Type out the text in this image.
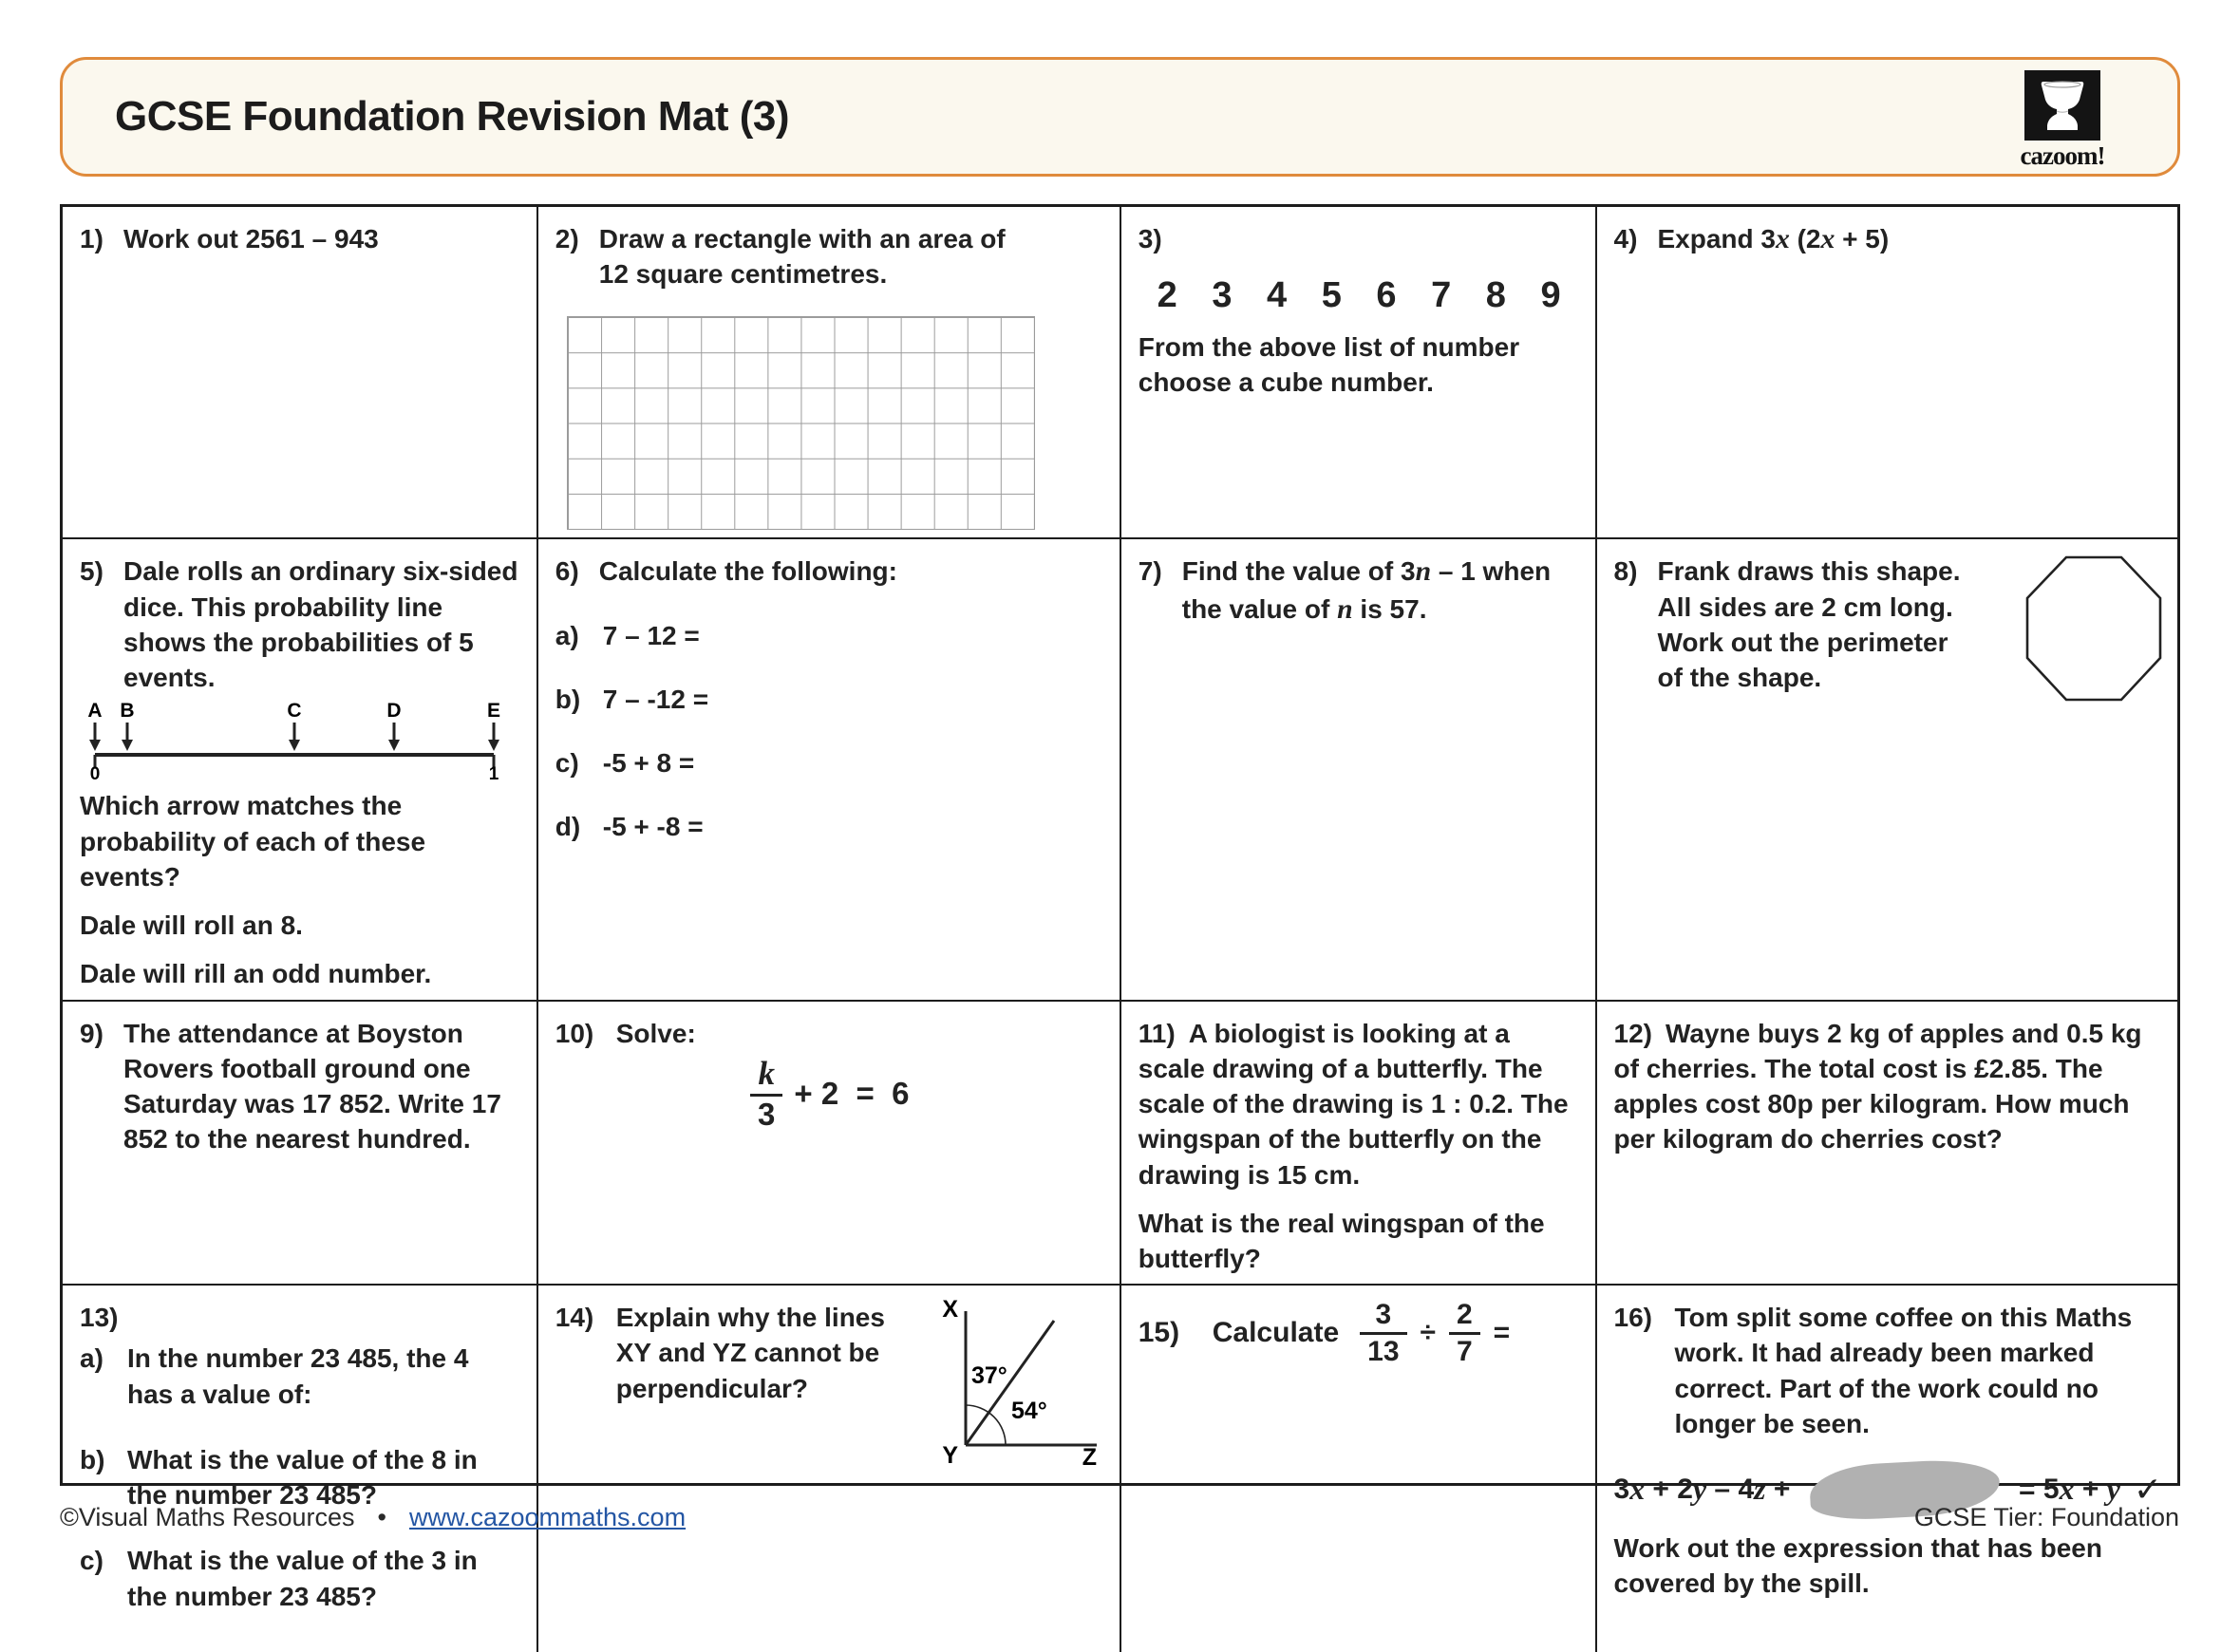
GCSE Foundation Revision Mat (3)
cazoom!
1) Work out 2561 – 943	2) Draw a rectangle with an area of 12 square centimetres.
3)
2 3 4 5 6 7 8 9
From the above list of number choose a cube number.
4) Expand 3x (2x + 5)
5) Dale rolls an ordinary six-sided dice. This probability line shows the probabilities of 5 events.
A B	C	D	E
0	1
Which arrow matches the probability of each of these events?
Dale will roll an 8.
Dale will rill an odd number.
6) Calculate the following:
a) 7 – 12 =
b) 7 – -12 =
c) -5 + 8 =
d) -5 + -8 =
7) Find the value of 3n – 1 when the value of n is 57.
8) Frank draws this shape. All sides are 2 cm long. Work out the perimeter of the shape.
9) The attendance at Boyston Rovers football ground one Saturday was 17 852. Write 17 852 to the nearest hundred.
10) Solve:
$\frac{k}{3} + 2 = 6$
11) A biologist is looking at a scale drawing of a butterfly. The scale of the drawing is 1 : 0.2. The wingspan of the butterfly on the drawing is 15 cm.
What is the real wingspan of the butterfly?
12) Wayne buys 2 kg of apples and 0.5 kg of cherries. The total cost is £2.85. The apples cost 80p per kilogram. How much per kilogram do cherries cost?
13)
a) In the number 23 485, the 4 has a value of:
b) What is the value of the 8 in the number 23 485?
c) What is the value of the 3 in the number 23 485?
14) Explain why the lines XY and YZ cannot be perpendicular?
X
Y	Z
37°
54°
15)	Calculate $\frac{3}{13} \div \frac{2}{7}$ =	16) Tom split some coffee on this Maths work. It had already been marked correct. Part of the work could no longer be seen.
3 x + 2 y – 4 z +	= 5 x + y ✓
Work out the expression that has been covered by the spill.
©Visual Maths Resources • www.cazoommaths.com	GCSE Tier: Foundation
